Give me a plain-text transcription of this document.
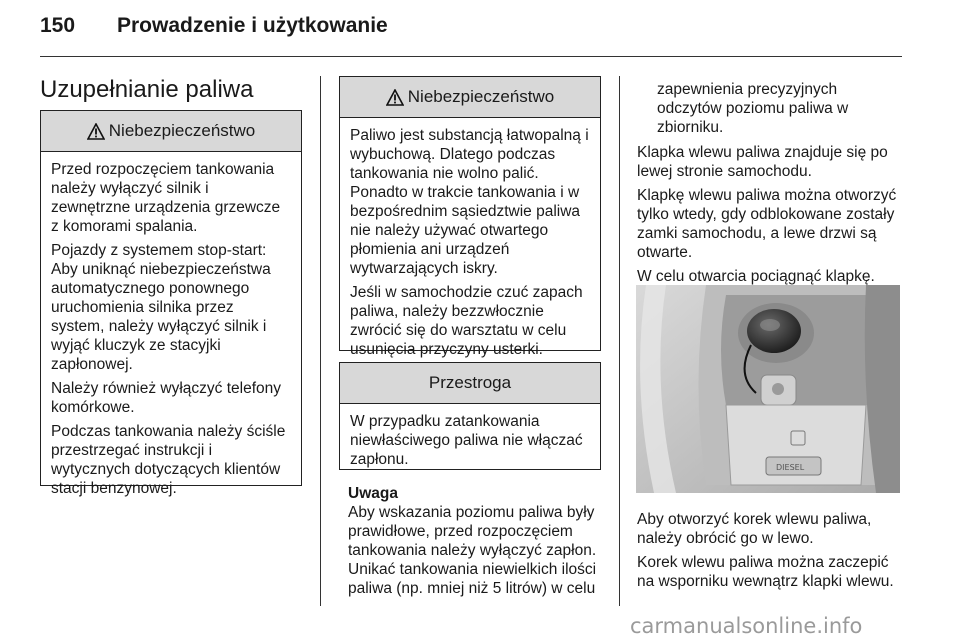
150 Prowadzenie i użytkowanie
Uzupełnianie paliwa
Niebezpieczeństwo

Przed rozpoczęciem tankowania należy wyłączyć silnik i zewnętrzne urządzenia grzewcze z komorami spalania.

Pojazdy z systemem stop-start: Aby uniknąć niebezpieczeństwa automatycznego ponownego uruchomienia silnika przez system, należy wyłączyć silnik i wyjąć kluczyk ze stacyjki zapłonowej.

Należy również wyłączyć telefony komórkowe.

Podczas tankowania należy ściśle przestrzegać instrukcji i wytycznych dotyczących klientów stacji benzynowej.

Niebezpieczeństwo

Paliwo jest substancją łatwopalną i wybuchową. Dlatego podczas tankowania nie wolno palić. Ponadto w trakcie tankowania i w bezpośrednim sąsiedztwie paliwa nie należy używać otwartego płomienia ani urządzeń wytwarzających iskry.

Jeśli w samochodzie czuć zapach paliwa, należy bezzwłocznie zwrócić się do warsztatu w celu usunięcia przyczyny usterki.

Przestroga

W przypadku zatankowania niewłaściwego paliwa nie włączać zapłonu.

Uwaga
Aby wskazania poziomu paliwa były prawidłowe, przed rozpoczęciem tankowania należy wyłączyć zapłon. Unikać tankowania niewielkich ilości paliwa (np. mniej niż 5 litrów) w celu

zapewnienia precyzyjnych odczytów poziomu paliwa w zbiorniku.

Klapka wlewu paliwa znajduje się po lewej stronie samochodu.

Klapkę wlewu paliwa można otworzyć tylko wtedy, gdy odblokowane zostały zamki samochodu, a lewe drzwi są otwarte.

W celu otwarcia pociągnąć klapkę.

DIESEL

Aby otworzyć korek wlewu paliwa, należy obrócić go w lewo.

Korek wlewu paliwa można zaczepić na wsporniku wewnątrz klapki wlewu.

carmanualsonline.info
